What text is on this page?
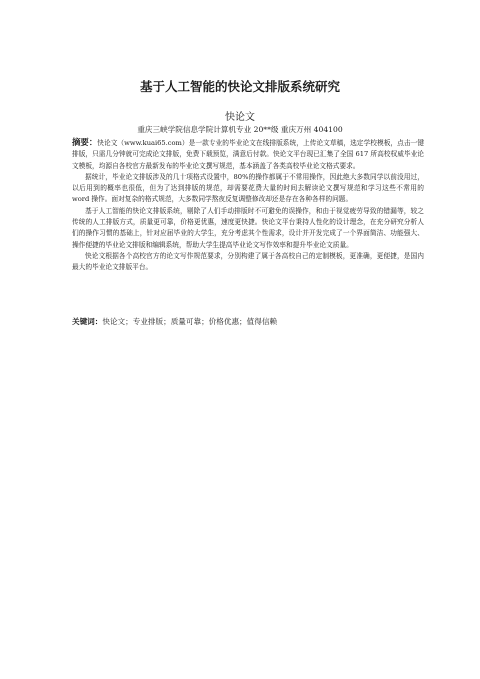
基于人工智能的快论文排版系统研究
快论文
重庆三峡学院信息学院计算机专业 20**级 重庆万州 404100

摘要：快论文（www.kuai65.com）是一款专业的毕业论文在线排版系统，上传论文草稿，选定学校模板，点击一键排版，只需几分钟就可完成论文排版，免费下载预览，满意后付款。快论文平台现已汇集了全国 617 所高校权威毕业论文模板，均源自各校官方最新发布的毕业论文撰写规范，基本涵盖了各类高校毕业论文格式要求。

据统计，毕业论文排版涉及的几十项格式设置中，80%的操作都属于不常用操作，因此绝大多数同学以前没用过，以后用到的概率也很低，但为了达到排版的规范，却需要花费大量的时间去解读论文撰写规范和学习这些不常用的 word 操作。面对复杂的格式规范，大多数同学熬夜反复调整修改却还是存在各种各样的问题。

基于人工智能的快论文排版系统，剔除了人们手动排版时不可避免的误操作，和由于视觉疲劳导致的错漏等，较之传统的人工排版方式，质量更可靠，价格更优惠，速度更快捷。快论文平台秉持人性化的设计理念，在充分研究分析人们的操作习惯的基础上，针对应届毕业的大学生，充分考虑其个性需求，设计并开发完成了一个界面简洁、功能强大、操作便捷的毕业论文排版和编辑系统，帮助大学生提高毕业论文写作效率和提升毕业论文质量。

快论文根据各个高校官方的论文写作规范要求，分别构建了属于各高校自己的定制模板，更准确，更便捷，是国内最大的毕业论文排版平台。

关键词：快论文；专业排版；质量可靠；价格优惠；值得信赖
